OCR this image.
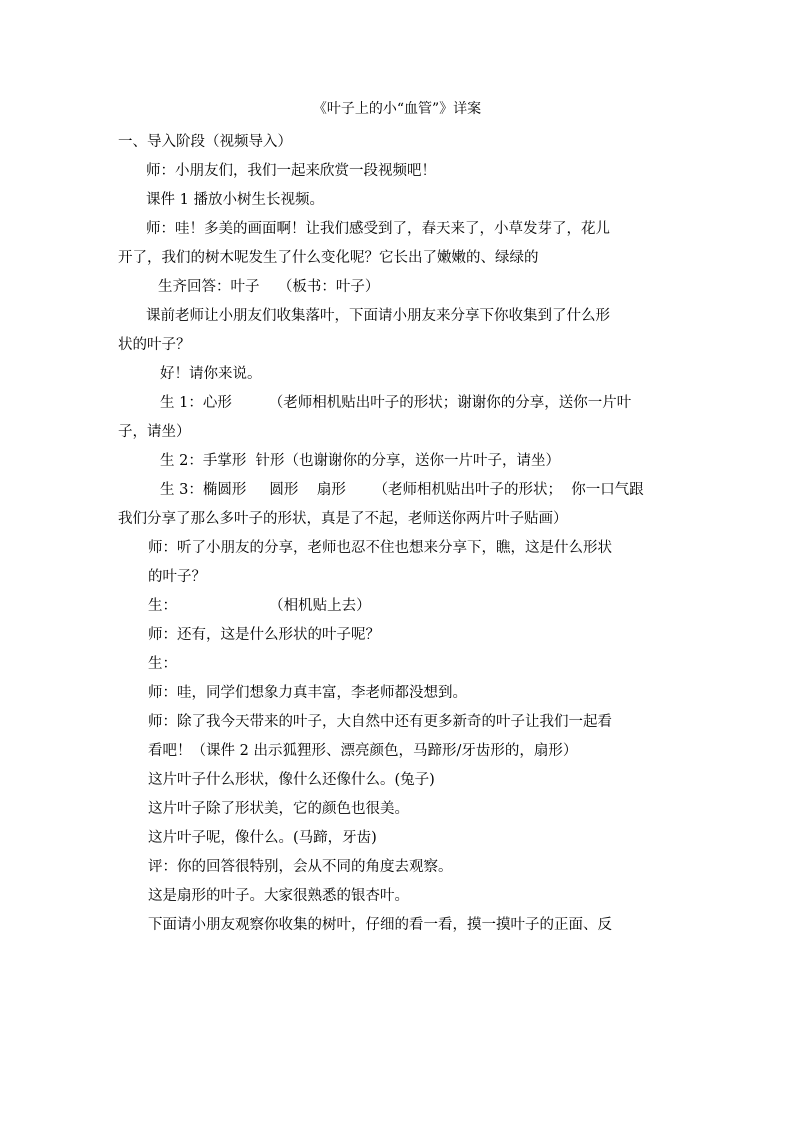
《叶子上的小“血管”》详案
一、导入阶段（视频导入）
师：小朋友们，我们一起来欣赏一段视频吧！
课件 1 播放小树生长视频。
师：哇！多美的画面啊！让我们感受到了，春天来了，小草发芽了，花儿
开了，我们的树木呢发生了什么变化呢？它长出了嫩嫩的、绿绿的
生齐回答：叶子    （板书：叶子）
课前老师让小朋友们收集落叶，下面请小朋友来分享下你收集到了什么形
状的叶子？
好！请你来说。
生 1：心形        （老师相机贴出叶子的形状；谢谢你的分享，送你一片叶
子，请坐）
生 2：手掌形  针形（也谢谢你的分享，送你一片叶子，请坐）
生 3：椭圆形     圆形    扇形      （老师相机贴出叶子的形状；  你一口气跟
我们分享了那么多叶子的形状，真是了不起，老师送你两片叶子贴画）
师：听了小朋友的分享，老师也忍不住也想来分享下，瞧，这是什么形状
的叶子？
生：                    （相机贴上去）
师：还有，这是什么形状的叶子呢？
生：
师：哇，同学们想象力真丰富，李老师都没想到。
师：除了我今天带来的叶子，大自然中还有更多新奇的叶子让我们一起看
看吧！（课件 2 出示狐狸形、漂亮颜色，马蹄形/牙齿形的，扇形）
这片叶子什么形状，像什么还像什么。(兔子)
这片叶子除了形状美，它的颜色也很美。
这片叶子呢，像什么。(马蹄，牙齿)
评：你的回答很特别，会从不同的角度去观察。
这是扇形的叶子。大家很熟悉的银杏叶。
下面请小朋友观察你收集的树叶，仔细的看一看，摸一摸叶子的正面、反
